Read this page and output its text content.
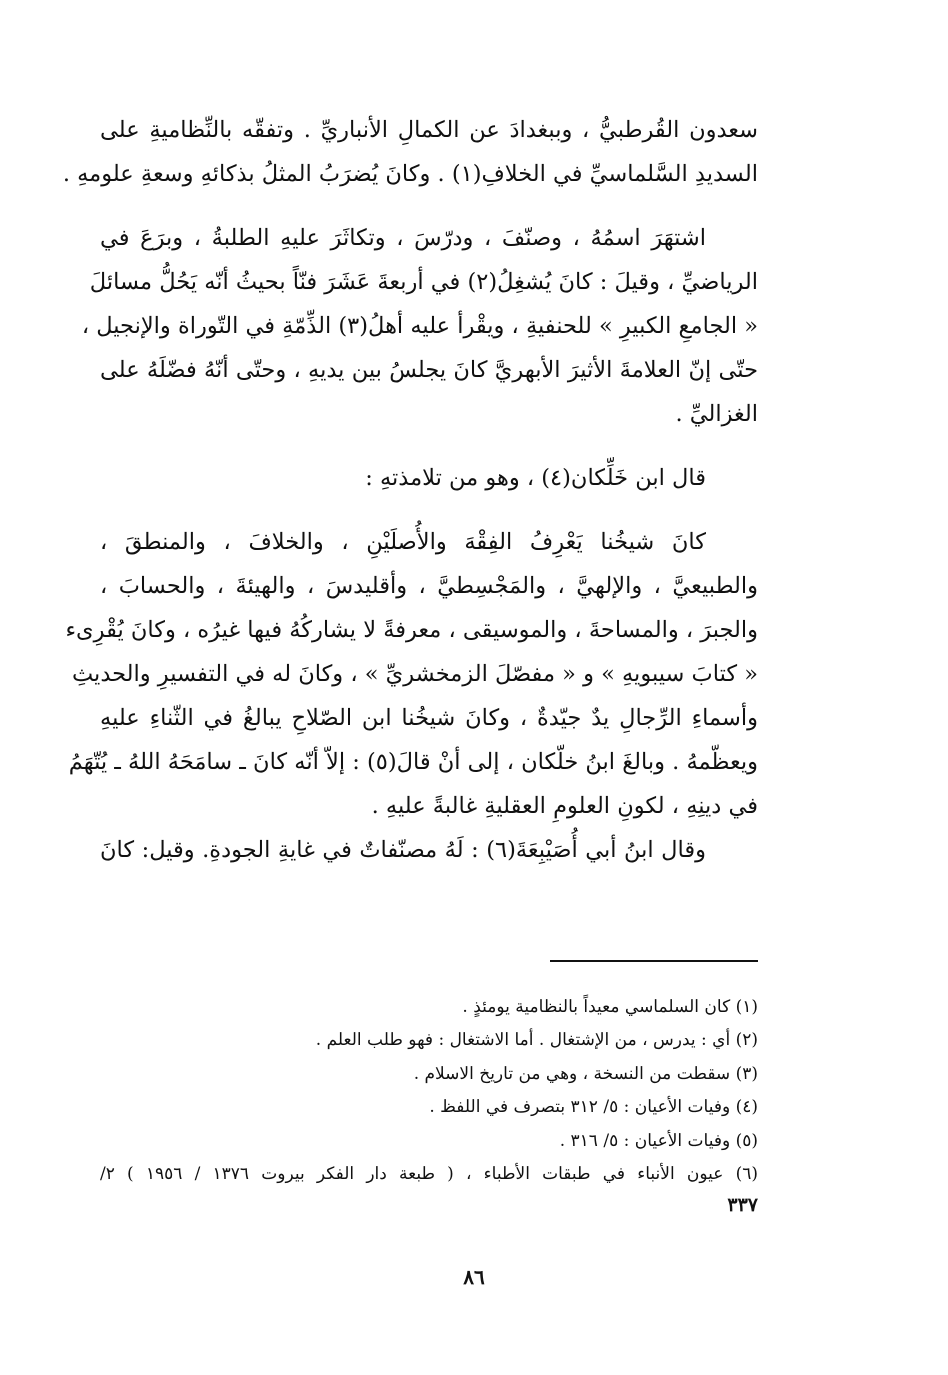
سعدون القُرطبيُّ ، وببغدادَ عن الكمالِ الأنباريِّ . وتفقّه بالنِّظاميةِ على
السديدِ السَّلماسيِّ في الخلافِ(١) . وكانَ يُضرَبُ المثلُ بذكائهِ وسعةِ علومهِ .
اشتهَرَ اسمُهُ ، وصنّفَ ، ودرّسَ ، وتكاثَرَ عليهِ الطلبةُ ، وبرَعَ في
الرياضيِّ ، وقيلَ : كانَ يُشغِلُ(٢) في أربعةَ عَشَرَ فنّاً بحيثُ أنّه يَحُلُّ مسائلَ
« الجامعِ الكبيرِ » للحنفيةِ ، ويقْرأ عليه أهلُ(٣) الذِّمّةِ في التّوراة والإنجيل ،
حتّى إنّ العلامةَ الأثيرَ الأبهريَّ كانَ يجلسُ بين يديهِ ، وحتّى أنّهُ فضّلَهُ على
الغزاليِّ .
قال ابن خَلِّكان(٤) ، وهو من تلامذتهِ :
كانَ شيخُنا يَعْرِفُ الفِقْهَ والأُصلَيْنِ ، والخلافَ ، والمنطقَ ،
والطبيعيَّ ، والإلهيَّ ، والمَجْسِطيَّ ، وأقليدسَ ، والهيئةَ ، والحسابَ ،
والجبرَ ، والمساحةَ ، والموسيقى ، معرفةً لا يشاركُهُ فيها غيرُه ، وكانَ يُقْرِىء
« كتابَ سيبويهِ » و « مفصّلَ الزمخشريِّ » ، وكانَ له في التفسيرِ والحديثِ
وأسماءِ الرِّجالِ يدٌ جيّدةٌ ، وكانَ شيخُنا ابن الصّلاحِ يبالغُ في الثّناءِ عليهِ
ويعظّمهُ . وبالغَ ابنُ خلّكان ، إلى أنْ قالَ(٥) : إلاّ أنّه كانَ ـ سامَحَهُ اللهُ ـ يُتّهَمُ
في دينِهِ ، لكونِ العلومِ العقليةِ غالبةً عليهِ .
وقال ابنُ أبي أُصَيْبِعَةَ(٦) : لَهُ مصنّفاتٌ في غايةِ الجودةِ. وقيل: كانَ
(١) كان السلماسي معيداً بالنظامية يومئذٍ .
(٢) أي : يدرس ، من الإشتغال . أما الاشتغال : فهو طلب العلم .
(٣) سقطت من النسخة ، وهي من تاريخ الاسلام .
(٤) وفيات الأعيان : ٥/ ٣١٢ بتصرف في اللفظ .
(٥) وفيات الأعيان : ٥/ ٣١٦ .
(٦) عيون الأنباء في طبقات الأطباء ، ( طبعة دار الفكر بيروت ١٣٧٦ / ١٩٥٦ ) ٢/
٣٣٧
٨٦
